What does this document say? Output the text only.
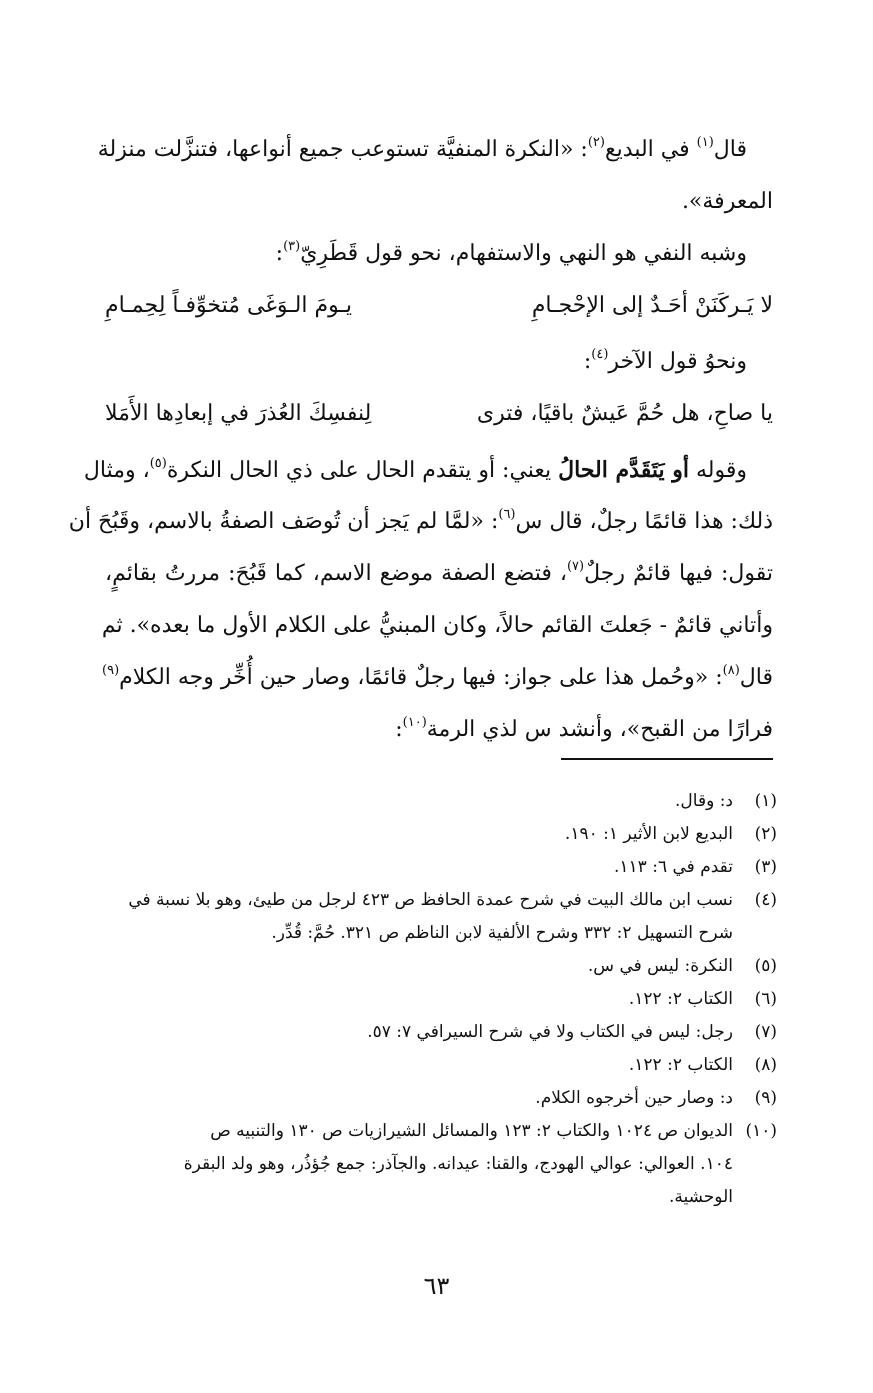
قال$^{(١)}$ في البديع$^{(٢)}$: «النكرة المنفيَّة تستوعب جميع أنواعها، فتنزَّلت منزلة
المعرفة».
وشبه النفي هو النهي والاستفهام، نحو قول قَطَرِيّ$^{(٣)}$:
لا يَـركَنَنْ أحَـدٌ إلى الإحْجـامِ
يـومَ الـوَغَى مُتخوِّفـاً لِحِمـامِ
ونحوُ قول الآخر$^{(٤)}$:
يا صاحِ، هل حُمَّ عَيشٌ باقيًا، فترى
لِنفسِكَ العُذرَ في إبعادِها الأَمَلا
وقوله أو يَتَقَدَّم الحالُ يعني: أو يتقدم الحال على ذي الحال النكرة$^{(٥)}$، ومثال
ذلك: هذا قائمًا رجلٌ، قال س$^{(٦)}$: «لمَّا لم يَجز أن تُوصَف الصفةُ بالاسم، وقَبُحَ أن
تقول: فيها قائمٌ رجلٌ$^{(٧)}$، فتضع الصفة موضع الاسم، كما قَبُحَ: مررتُ بقائمٍ،
وأتاني قائمٌ - جَعلتَ القائم حالاً، وكان المبنيُّ على الكلام الأول ما بعده». ثم
قال$^{(٨)}$: «وحُمل هذا على جواز: فيها رجلٌ قائمًا، وصار حين أُخِّر وجه الكلام$^{(٩)}$
فرارًا من القبح»، وأنشد س لذي الرمة$^{(١٠)}$:
(١)
د: وقال.
(٢)
البديع لابن الأثير ١: ١٩٠.
(٣)
تقدم في ٦: ١١٣.
(٤)
نسب ابن مالك البيت في شرح عمدة الحافظ ص ٤٢٣ لرجل من طيئ، وهو بلا نسبة في
شرح التسهيل ٢: ٣٣٢ وشرح الألفية لابن الناظم ص ٣٢١. حُمَّ: قُدِّر.
(٥)
النكرة: ليس في س.
(٦)
الكتاب ٢: ١٢٢.
(٧)
رجل: ليس في الكتاب ولا في شرح السيرافي ٧: ٥٧.
(٨)
الكتاب ٢: ١٢٢.
(٩)
د: وصار حين أخرجوه الكلام.
(١٠)
الديوان ص ١٠٢٤ والكتاب ٢: ١٢٣ والمسائل الشيرازيات ص ١٣٠ والتنبيه ص
١٠٤. العوالي: عوالي الهودج، والقنا: عيدانه. والجآذر: جمع جُؤذُر، وهو ولد البقرة
الوحشية.
٦٣
